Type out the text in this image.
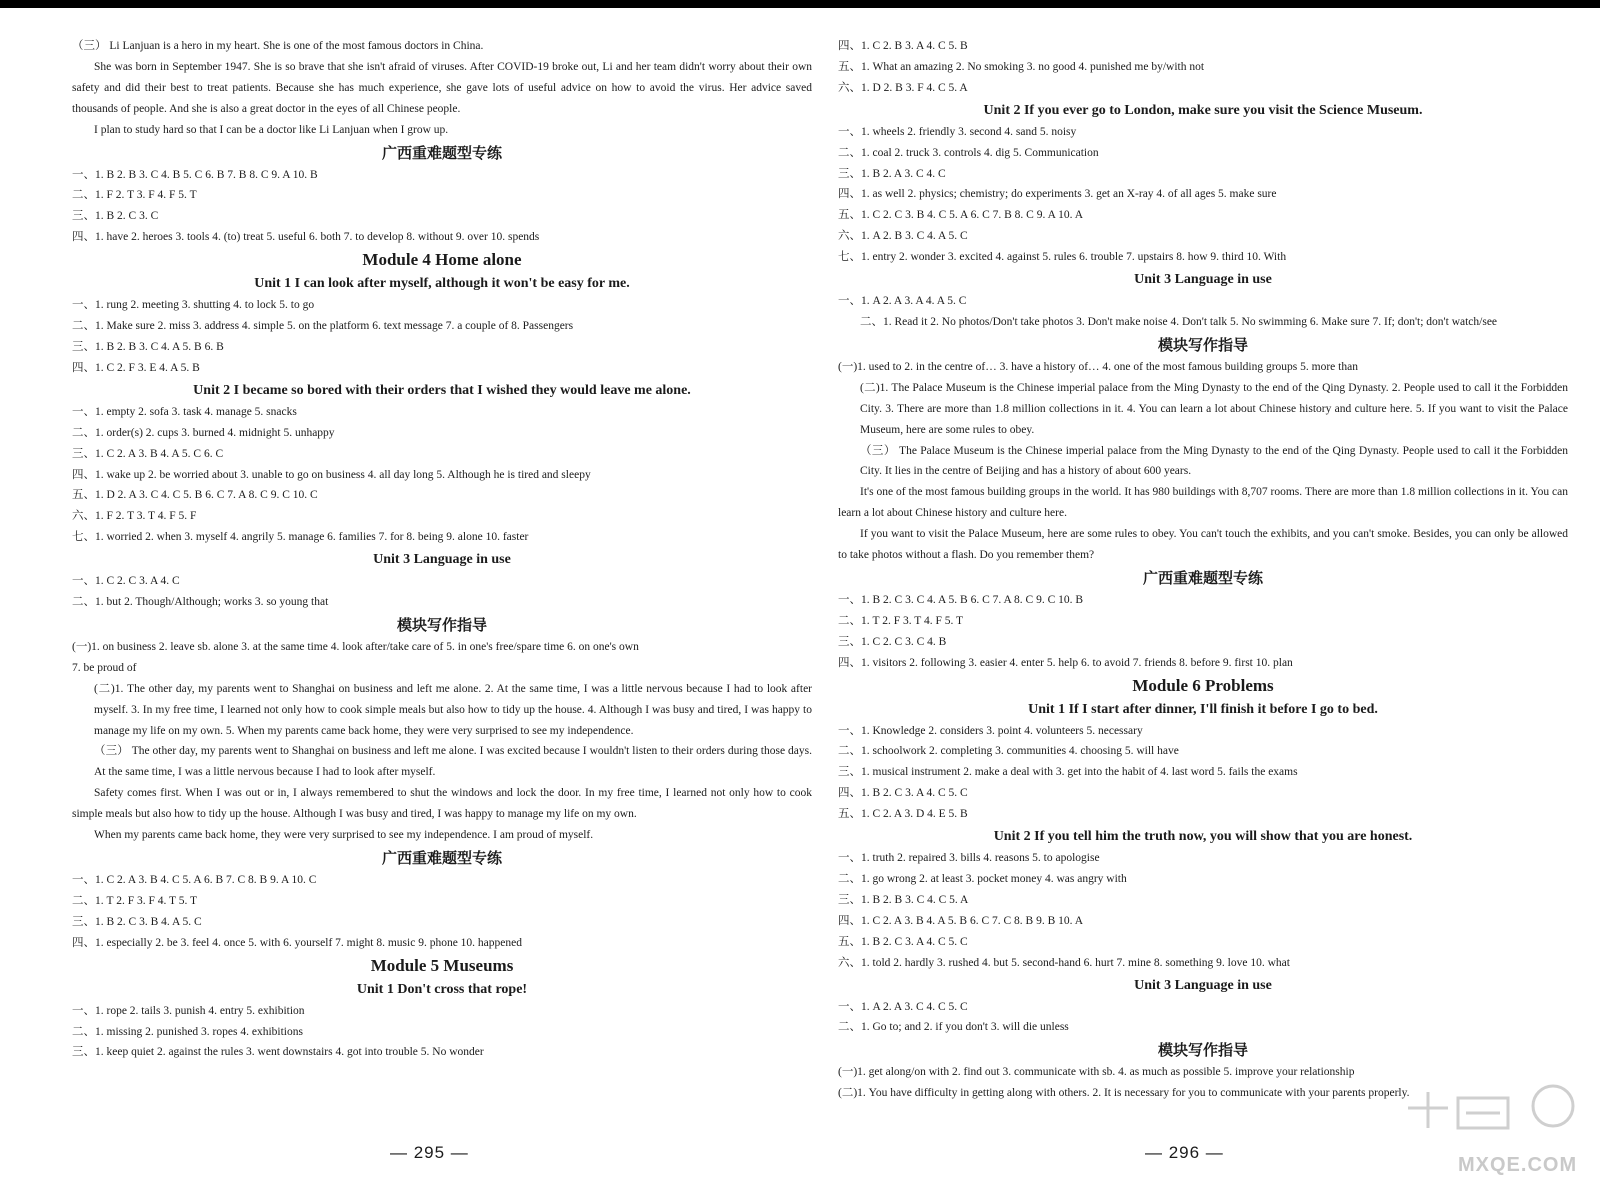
（三） Li Lanjuan is a hero in my heart. She is one of the most famous doctors in China.
She was born in September 1947. She is so brave that she isn't afraid of viruses. After COVID-19 broke out, Li and her team didn't worry about their own safety and did their best to treat patients. Because she has much experience, she gave lots of useful advice on how to avoid the virus. Her advice saved thousands of people. And she is also a great doctor in the eyes of all Chinese people.
I plan to study hard so that I can be a doctor like Li Lanjuan when I grow up.
广西重难题型专练
一、1. B 2. B 3. C 4. B 5. C 6. B 7. B 8. C 9. A 10. B
二、1. F 2. T 3. F 4. F 5. T
三、1. B 2. C 3. C
四、1. have 2. heroes 3. tools 4. (to) treat 5. useful 6. both 7. to develop 8. without 9. over 10. spends
Module 4 Home alone
Unit 1 I can look after myself, although it won't be easy for me.
一、1. rung 2. meeting 3. shutting 4. to lock 5. to go
二、1. Make sure 2. miss 3. address 4. simple 5. on the platform 6. text message 7. a couple of 8. Passengers
三、1. B 2. B 3. C 4. A 5. B 6. B
四、1. C 2. F 3. E 4. A 5. B
Unit 2 I became so bored with their orders that I wished they would leave me alone.
一、1. empty 2. sofa 3. task 4. manage 5. snacks
二、1. order(s) 2. cups 3. burned 4. midnight 5. unhappy
三、1. C 2. A 3. B 4. A 5. C 6. C
四、1. wake up 2. be worried about 3. unable to go on business 4. all day long 5. Although he is tired and sleepy
五、1. D 2. A 3. C 4. C 5. B 6. C 7. A 8. C 9. C 10. C
六、1. F 2. T 3. T 4. F 5. F
七、1. worried 2. when 3. myself 4. angrily 5. manage 6. families 7. for 8. being 9. alone 10. faster
Unit 3 Language in use
一、1. C 2. C 3. A 4. C
二、1. but 2. Though/Although; works 3. so young that
模块写作指导
(一)1. on business 2. leave sb. alone 3. at the same time 4. look after/take care of 5. in one's free/spare time 6. on one's own
7. be proud of
(二)1. The other day, my parents went to Shanghai on business and left me alone. 2. At the same time, I was a little nervous because I had to look after myself. 3. In my free time, I learned not only how to cook simple meals but also how to tidy up the house. 4. Although I was busy and tired, I was happy to manage my life on my own. 5. When my parents came back home, they were very surprised to see my independence.
（三） The other day, my parents went to Shanghai on business and left me alone. I was excited because I wouldn't listen to their orders during those days. At the same time, I was a little nervous because I had to look after myself.
Safety comes first. When I was out or in, I always remembered to shut the windows and lock the door. In my free time, I learned not only how to cook simple meals but also how to tidy up the house. Although I was busy and tired, I was happy to manage my life on my own.
When my parents came back home, they were very surprised to see my independence. I am proud of myself.
广西重难题型专练
一、1. C 2. A 3. B 4. C 5. A 6. B 7. C 8. B 9. A 10. C
二、1. T 2. F 3. F 4. T 5. T
三、1. B 2. C 3. B 4. A 5. C
四、1. especially 2. be 3. feel 4. once 5. with 6. yourself 7. might 8. music 9. phone 10. happened
Module 5 Museums
Unit 1 Don't cross that rope!
一、1. rope 2. tails 3. punish 4. entry 5. exhibition
二、1. missing 2. punished 3. ropes 4. exhibitions
三、1. keep quiet 2. against the rules 3. went downstairs 4. got into trouble 5. No wonder
四、1. C 2. B 3. A 4. C 5. B
五、1. What an amazing 2. No smoking 3. no good 4. punished me by/with not
六、1. D 2. B 3. F 4. C 5. A
Unit 2 If you ever go to London, make sure you visit the Science Museum.
一、1. wheels 2. friendly 3. second 4. sand 5. noisy
二、1. coal 2. truck 3. controls 4. dig 5. Communication
三、1. B 2. A 3. C 4. C
四、1. as well 2. physics; chemistry; do experiments 3. get an X-ray 4. of all ages 5. make sure
五、1. C 2. C 3. B 4. C 5. A 6. C 7. B 8. C 9. A 10. A
六、1. A 2. B 3. C 4. A 5. C
七、1. entry 2. wonder 3. excited 4. against 5. rules 6. trouble 7. upstairs 8. how 9. third 10. With
Unit 3 Language in use
一、1. A 2. A 3. A 4. A 5. C
二、1. Read it 2. No photos/Don't take photos 3. Don't make noise 4. Don't talk 5. No swimming 6. Make sure 7. If; don't; don't watch/see
模块写作指导
(一)1. used to 2. in the centre of… 3. have a history of… 4. one of the most famous building groups 5. more than
(二)1. The Palace Museum is the Chinese imperial palace from the Ming Dynasty to the end of the Qing Dynasty. 2. People used to call it the Forbidden City. 3. There are more than 1.8 million collections in it. 4. You can learn a lot about Chinese history and culture here. 5. If you want to visit the Palace Museum, here are some rules to obey.
（三） The Palace Museum is the Chinese imperial palace from the Ming Dynasty to the end of the Qing Dynasty. People used to call it the Forbidden City. It lies in the centre of Beijing and has a history of about 600 years.
It's one of the most famous building groups in the world. It has 980 buildings with 8,707 rooms. There are more than 1.8 million collections in it. You can learn a lot about Chinese history and culture here.
If you want to visit the Palace Museum, here are some rules to obey. You can't touch the exhibits, and you can't smoke. Besides, you can only be allowed to take photos without a flash. Do you remember them?
广西重难题型专练
一、1. B 2. C 3. C 4. A 5. B 6. C 7. A 8. C 9. C 10. B
二、1. T 2. F 3. T 4. F 5. T
三、1. C 2. C 3. C 4. B
四、1. visitors 2. following 3. easier 4. enter 5. help 6. to avoid 7. friends 8. before 9. first 10. plan
Module 6 Problems
Unit 1 If I start after dinner, I'll finish it before I go to bed.
一、1. Knowledge 2. considers 3. point 4. volunteers 5. necessary
二、1. schoolwork 2. completing 3. communities 4. choosing 5. will have
三、1. musical instrument 2. make a deal with 3. get into the habit of 4. last word 5. fails the exams
四、1. B 2. C 3. A 4. C 5. C
五、1. C 2. A 3. D 4. E 5. B
Unit 2 If you tell him the truth now, you will show that you are honest.
一、1. truth 2. repaired 3. bills 4. reasons 5. to apologise
二、1. go wrong 2. at least 3. pocket money 4. was angry with
三、1. B 2. B 3. C 4. C 5. A
四、1. C 2. A 3. B 4. A 5. B 6. C 7. C 8. B 9. B 10. A
五、1. B 2. C 3. A 4. C 5. C
六、1. told 2. hardly 3. rushed 4. but 5. second-hand 6. hurt 7. mine 8. something 9. love 10. what
Unit 3 Language in use
一、1. A 2. A 3. C 4. C 5. C
二、1. Go to; and 2. if you don't 3. will die unless
模块写作指导
(一)1. get along/on with 2. find out 3. communicate with sb. 4. as much as possible 5. improve your relationship
(二)1. You have difficulty in getting along with others. 2. It is necessary for you to communicate with your parents properly.
— 295 —	— 296 —
MXQE.COM
